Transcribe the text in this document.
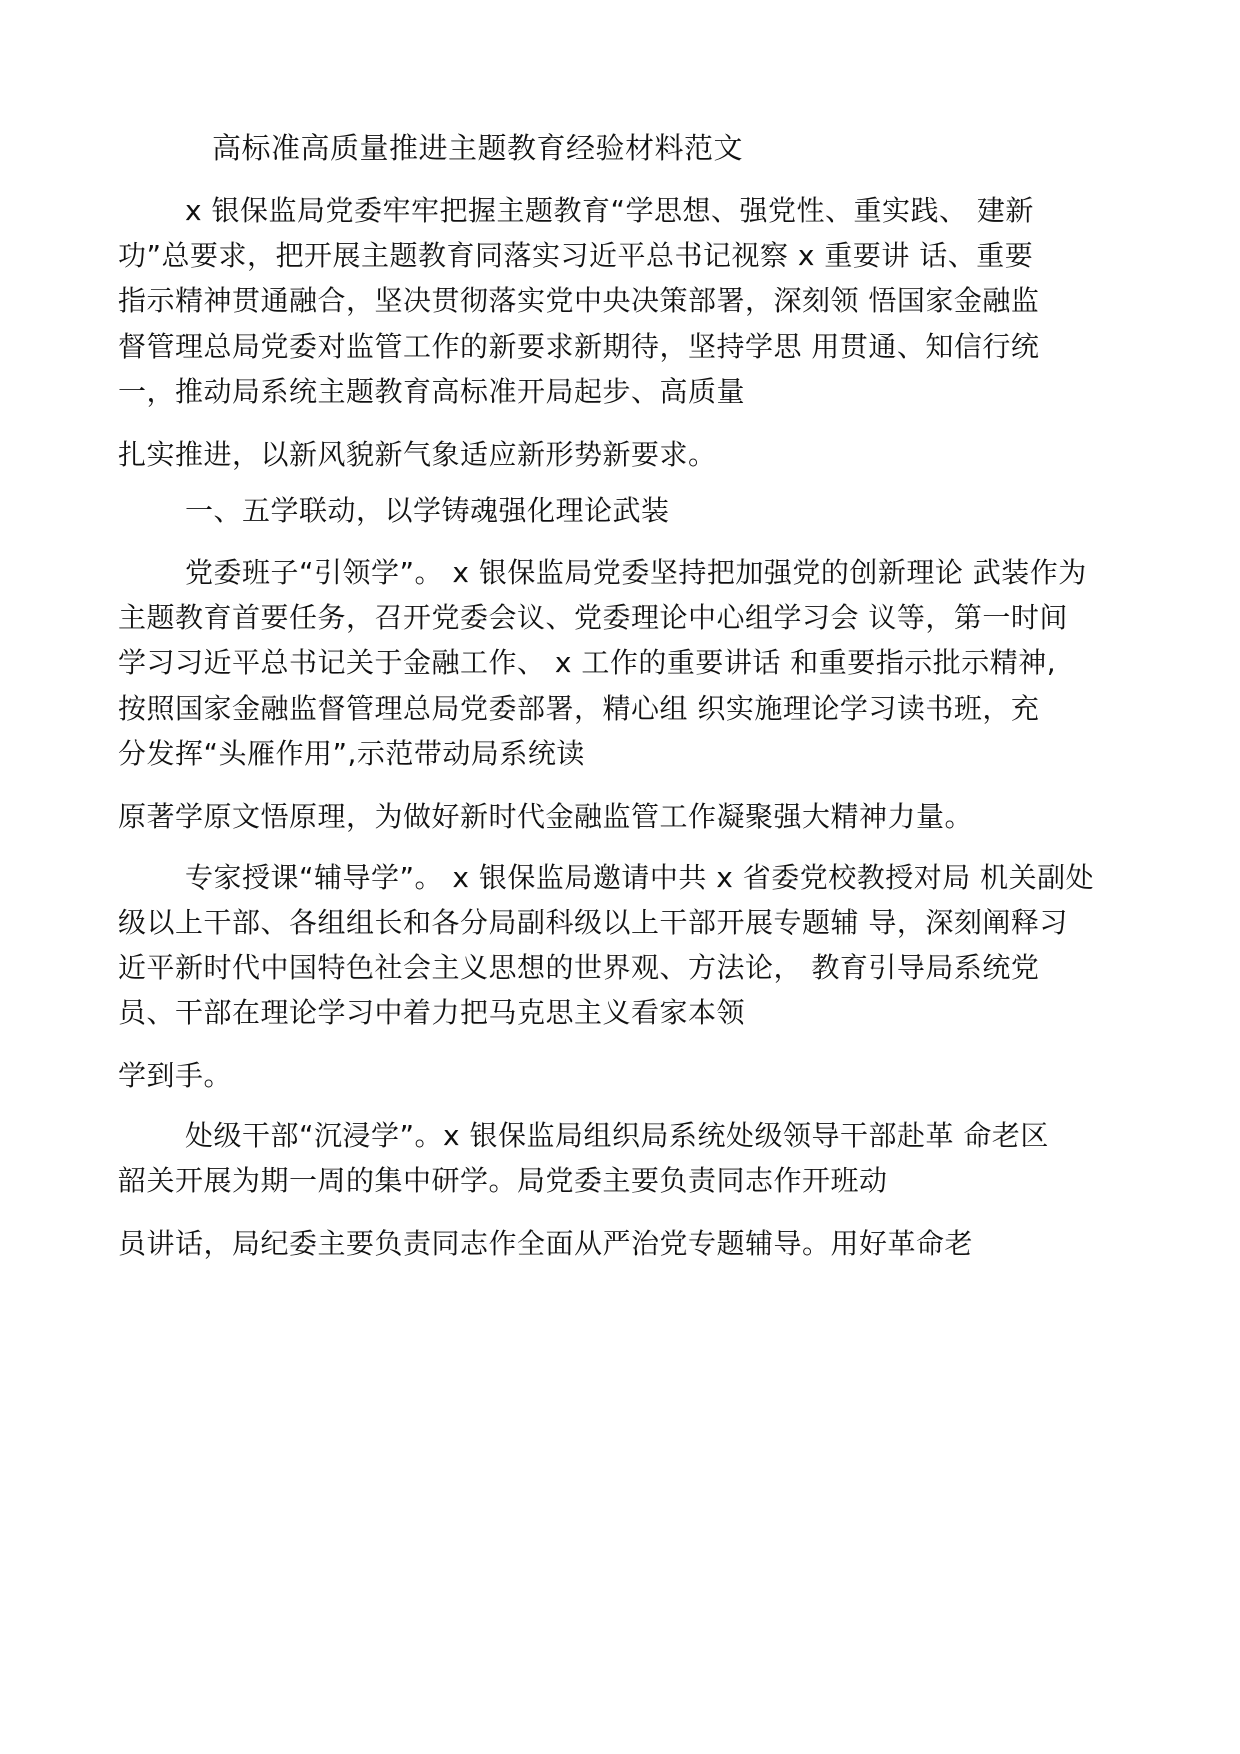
高标准高质量推进主题教育经验材料范文
x 银保监局党委牢牢把握主题教育“学思想、强党性、重实践、 建新
功”总要求，把开展主题教育同落实习近平总书记视察 x 重要讲 话、重要
指示精神贯通融合，坚决贯彻落实党中央决策部署，深刻领 悟国家金融监
督管理总局党委对监管工作的新要求新期待，坚持学思 用贯通、知信行统
一，推动局系统主题教育高标准开局起步、高质量
扎实推进，以新风貌新气象适应新形势新要求。
一、五学联动，以学铸魂强化理论武装
党委班子“引领学”。 x 银保监局党委坚持把加强党的创新理论 武装作为
主题教育首要任务，召开党委会议、党委理论中心组学习会 议等，第一时间
学习习近平总书记关于金融工作、 x 工作的重要讲话 和重要指示批示精神,
按照国家金融监督管理总局党委部署，精心组 织实施理论学习读书班，充
分发挥“头雁作用”,示范带动局系统读
原著学原文悟原理，为做好新时代金融监管工作凝聚强大精神力量。
专家授课“辅导学”。 x 银保监局邀请中共 x 省委党校教授对局 机关副处
级以上干部、各组组长和各分局副科级以上干部开展专题辅 导，深刻阐释习
近平新时代中国特色社会主义思想的世界观、方法论， 教育引导局系统党
员、干部在理论学习中着力把马克思主义看家本领
学到手。
处级干部“沉浸学”。x 银保监局组织局系统处级领导干部赴革 命老区
韶关开展为期一周的集中研学。局党委主要负责同志作开班动
员讲话，局纪委主要负责同志作全面从严治党专题辅导。用好革命老
